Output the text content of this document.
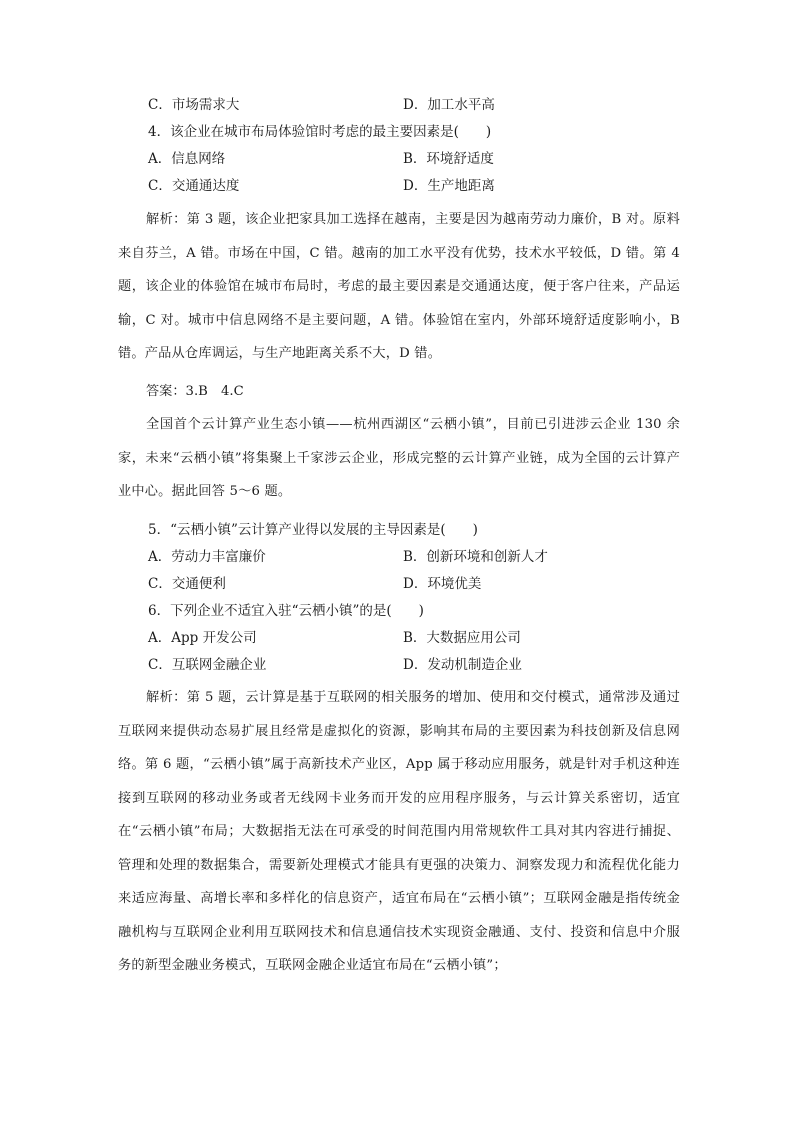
C．市场需求大	D．加工水平高
4．该企业在城市布局体验馆时考虑的最主要因素是(　　)
A．信息网络	B．环境舒适度
C．交通通达度	D．生产地距离
解析：第 3 题，该企业把家具加工选择在越南，主要是因为越南劳动力廉价，B 对。原料来自芬兰，A 错。市场在中国，C 错。越南的加工水平没有优势，技术水平较低，D 错。第 4 题，该企业的体验馆在城市布局时，考虑的最主要因素是交通通达度，便于客户往来，产品运输，C 对。城市中信息网络不是主要问题，A 错。体验馆在室内，外部环境舒适度影响小，B 错。产品从仓库调运，与生产地距离关系不大，D 错。
答案：3.B　4.C
全国首个云计算产业生态小镇——杭州西湖区“云栖小镇”，目前已引进涉云企业 130 余家，未来“云栖小镇”将集聚上千家涉云企业，形成完整的云计算产业链，成为全国的云计算产业中心。据此回答 5～6 题。
5．“云栖小镇”云计算产业得以发展的主导因素是(　　)
A．劳动力丰富廉价	B．创新环境和创新人才
C．交通便利	D．环境优美
6．下列企业不适宜入驻“云栖小镇”的是(　　)
A．App 开发公司	B．大数据应用公司
C．互联网金融企业	D．发动机制造企业
解析：第 5 题，云计算是基于互联网的相关服务的增加、使用和交付模式，通常涉及通过互联网来提供动态易扩展且经常是虚拟化的资源，影响其布局的主要因素为科技创新及信息网络。第 6 题，“云栖小镇”属于高新技术产业区，App 属于移动应用服务，就是针对手机这种连接到互联网的移动业务或者无线网卡业务而开发的应用程序服务，与云计算关系密切，适宜在“云栖小镇”布局；大数据指无法在可承受的时间范围内用常规软件工具对其内容进行捕捉、管理和处理的数据集合，需要新处理模式才能具有更强的决策力、洞察发现力和流程优化能力来适应海量、高增长率和多样化的信息资产，适宜布局在“云栖小镇”；互联网金融是指传统金融机构与互联网企业利用互联网技术和信息通信技术实现资金融通、支付、投资和信息中介服务的新型金融业务模式，互联网金融企业适宜布局在“云栖小镇”；
